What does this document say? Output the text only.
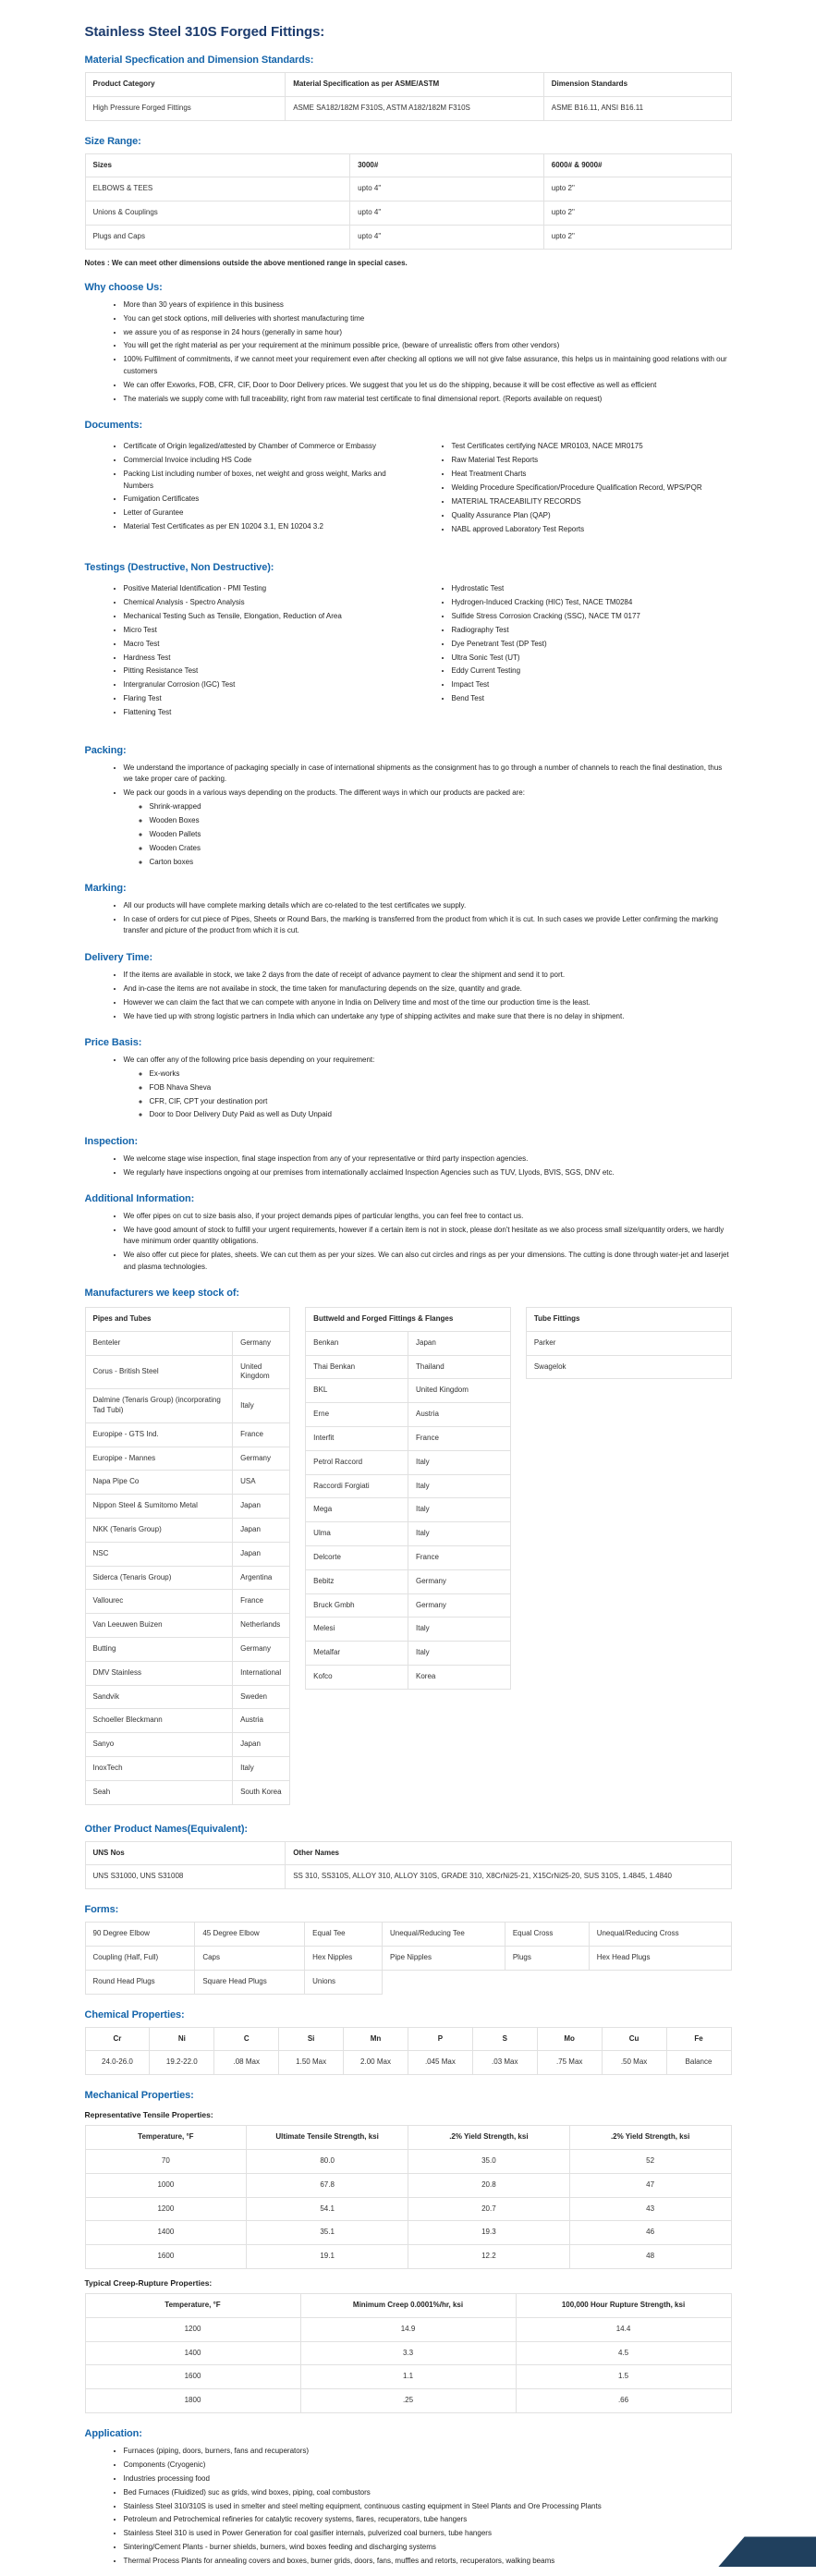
Stainless Steel 310S Forged Fittings:
Material Specfication and Dimension Standards:
Product Category	Material Specification as per ASME/ASTM	Dimension Standards
High Pressure Forged Fittings	ASME SA182/182M F310S, ASTM A182/182M F310S	ASME B16.11, ANSI B16.11
Size Range:
Sizes	3000#	6000# & 9000#
ELBOWS & TEES	upto 4"	upto 2"
Unions & Couplings	upto 4"	upto 2"
Plugs and Caps	upto 4"	upto 2"

Notes : We can meet other dimensions outside the above mentioned range in special cases.

Why choose Us:
• More than 30 years of expirience in this business
• You can get stock options, mill deliveries with shortest manufacturing time
• we assure you of as response in 24 hours (generally in same hour)
• You will get the right material as per your requirement at the minimum possible price, (beware of unrealistic offers from other vendors)
• 100% Fulfilment of commitments, if we cannot meet your requirement even after checking all options we will not give false assurance, this helps us in maintaining good relations with our customers
• We can offer Exworks, FOB, CFR, CIF, Door to Door Delivery prices. We suggest that you let us do the shipping, because it will be cost effective as well as efficient
• The materials we supply come with full traceability, right from raw material test certificate to final dimensional report. (Reports available on request)
Documents:
• Certificate of Origin legalized/attested by Chamber of Commerce or Embassy
• Commercial Invoice including HS Code
• Packing List including number of boxes, net weight and gross weight, Marks and Numbers
• Fumigation Certificates
• Letter of Gurantee
• Material Test Certificates as per EN 10204 3.1, EN 10204 3.2
• Test Certificates certifying NACE MR0103, NACE MR0175
• Raw Material Test Reports
• Heat Treatment Charts
• Welding Procedure Specification/Procedure Qualification Record, WPS/PQR
• MATERIAL TRACEABILITY RECORDS
• Quality Assurance Plan (QAP)
• NABL approved Laboratory Test Reports
Testings (Destructive, Non Destructive):
• Positive Material Identification - PMI Testing
• Chemical Analysis - Spectro Analysis
• Mechanical Testing Such as Tensile, Elongation, Reduction of Area
• Micro Test
• Macro Test
• Hardness Test
• Pitting Resistance Test
• Intergranular Corrosion (IGC) Test
• Flaring Test
• Flattening Test
• Hydrostatic Test
• Hydrogen-Induced Cracking (HIC) Test, NACE TM0284
• Sulfide Stress Corrosion Cracking (SSC), NACE TM 0177
• Radiography Test
• Dye Penetrant Test (DP Test)
• Ultra Sonic Test (UT)
• Eddy Current Testing
• Impact Test
• Bend Test
Packing:
• We understand the importance of packaging specially in case of international shipments as the consignment has to go through a number of channels to reach the final destination, thus we take proper care of packing.
• We pack our goods in a various ways depending on the products. The different ways in which our products are packed are:
◦ Shrink-wrapped
◦ Wooden Boxes
◦ Wooden Pallets
◦ Wooden Crates
◦ Carton boxes
Marking:
• All our products will have complete marking details which are co-related to the test certificates we supply.
• In case of orders for cut piece of Pipes, Sheets or Round Bars, the marking is transferred from the product from which it is cut. In such cases we provide Letter confirming the marking transfer and picture of the product from which it is cut.
Delivery Time:
• If the items are available in stock, we take 2 days from the date of receipt of advance payment to clear the shipment and send it to port.
• And in-case the items are not availabe in stock, the time taken for manufacturing depends on the size, quantity and grade.
• However we can claim the fact that we can compete with anyone in India on Delivery time and most of the time our production time is the least.
• We have tied up with strong logistic partners in India which can undertake any type of shipping activites and make sure that there is no delay in shipment.
Price Basis:
• We can offer any of the following price basis depending on your requirement:
◦ Ex-works
◦ FOB Nhava Sheva
◦ CFR, CIF, CPT your destination port
◦ Door to Door Delivery Duty Paid as well as Duty Unpaid
Inspection:
• We welcome stage wise inspection, final stage inspection from any of your representative or third party inspection agencies.
• We regularly have inspections ongoing at our premises from internationally acclaimed Inspection Agencies such as TUV, Llyods, BVIS, SGS, DNV etc.
Additional Information:
• We offer pipes on cut to size basis also, if your project demands pipes of particular lengths, you can feel free to contact us.
• We have good amount of stock to fulfill your urgent requirements, however if a certain item is not in stock, please don't hesitate as we also process small size/quantity orders, we hardly have minimum order quantity obligations.
• We also offer cut piece for plates, sheets. We can cut them as per your sizes. We can also cut circles and rings as per your dimensions. The cutting is done through water-jet and laserjet and plasma technologies.
Manufacturers we keep stock of:
Pipes and Tubes	
Benteler	Germany
Corus - British Steel	United Kingdom
Dalmine (Tenaris Group) (incorporating Tad Tubi)	Italy
Europipe - GTS Ind.	France
Europipe - Mannes	Germany
Napa Pipe Co	USA
Nippon Steel & Sumitomo Metal	Japan
NKK (Tenaris Group)	Japan
NSC	Japan
Siderca (Tenaris Group)	Argentina
Vallourec	France
Van Leeuwen Buizen	Netherlands
Butting	Germany
DMV Stainless	International
Sandvik	Sweden
Schoeller Bleckmann	Austria
Sanyo	Japan
InoxTech	Italy
Seah	South Korea
Buttweld and Forged Fittings & Flanges	
Benkan	Japan
Thai Benkan	Thailand
BKL	United Kingdom
Erne	Austria
Interfit	France
Petrol Raccord	Italy
Raccordi Forgiati	Italy
Mega	Italy
Ulma	Italy
Delcorte	France
Bebitz	Germany
Bruck Gmbh	Germany
Melesi	Italy
Metalfar	Italy
Kofco	Korea
Tube Fittings
Parker
Swagelok
Other Product Names(Equivalent):
UNS Nos	Other Names
UNS S31000, UNS S31008	SS 310, SS310S, ALLOY 310, ALLOY 310S, GRADE 310, X8CrNi25-21, X15CrNi25-20, SUS 310S, 1.4845, 1.4840
Forms:
90 Degree Elbow	45 Degree Elbow	Equal Tee	Unequal/Reducing Tee	Equal Cross	Unequal/Reducing Cross
Coupling (Half, Full)	Caps	Hex Nipples	Pipe Nipples	Plugs	Hex Head Plugs
Round Head Plugs	Square Head Plugs	Unions			
Chemical Properties:
Cr	Ni	C	Si	Mn	P	S	Mo	Cu	Fe
24.0-26.0	19.2-22.0	.08 Max	1.50 Max	2.00 Max	.045 Max	.03 Max	.75 Max	.50 Max	Balance
Mechanical Properties:

Representative Tensile Properties:

Temperature, °F	Ultimate Tensile Strength, ksi	.2% Yield Strength, ksi	.2% Yield Strength, ksi
70	80.0	35.0	52
1000	67.8	20.8	47
1200	54.1	20.7	43
1400	35.1	19.3	46
1600	19.1	12.2	48

Typical Creep-Rupture Properties:

Temperature, °F	Minimum Creep 0.0001%/hr, ksi	100,000 Hour Rupture Strength, ksi
1200	14.9	14.4
1400	3.3	4.5
1600	1.1	1.5
1800	.25	.66
Application:
• Furnaces (piping, doors, burners, fans and recuperators)
• Components (Cryogenic)
• Industries processing food
• Bed Furnaces (Fluidized) suc as grids, wind boxes, piping, coal combustors
• Stainless Steel 310/310S is used in smelter and steel melting equipment, continuous casting equipment in Steel Plants and Ore Processing Plants
• Petroleum and Petrochemical refineries for catalytic recovery systems, flares, recuperators, tube hangers
• Stainless Steel 310 is used in Power Generation for coal gasifier internals, pulverized coal burners, tube hangers
• Sintering/Cement Plants - burner shields, burners, wind boxes feeding and discharging systems
• Thermal Process Plants for annealing covers and boxes, burner grids, doors, fans, muffles and retorts, recuperators, walking beams
